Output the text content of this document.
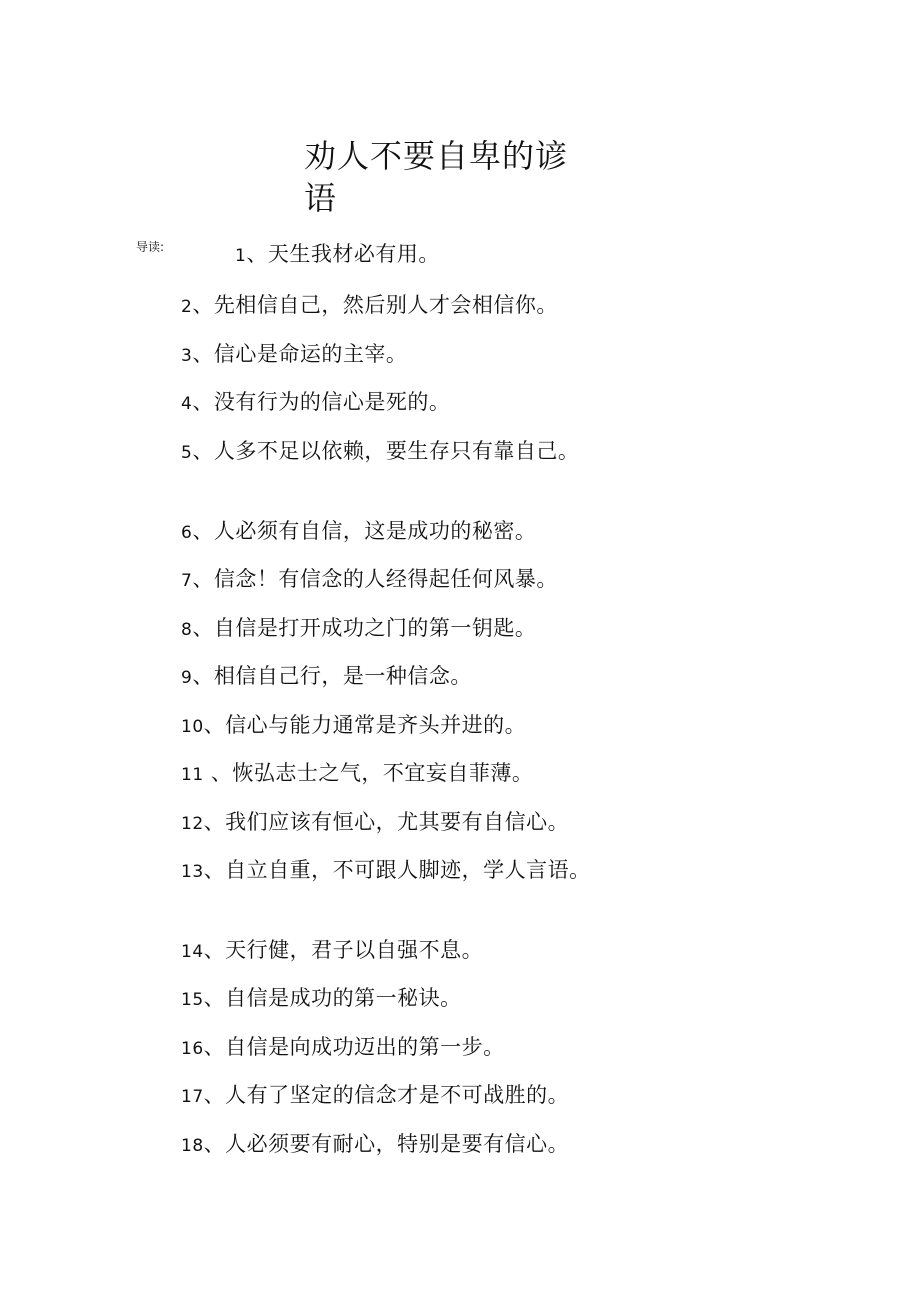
劝人不要自卑的谚语
导读:	1、天生我材必有用。
2、先相信自己，然后别人才会相信你。
3、信心是命运的主宰。
4、没有行为的信心是死的。
5、人多不足以依赖，要生存只有靠自己。
6、人必须有自信，这是成功的秘密。
7、信念！有信念的人经得起任何风暴。
8、自信是打开成功之门的第一钥匙。
9、相信自己行，是一种信念。
10、信心与能力通常是齐头并进的。
11 、恢弘志士之气，不宜妄自菲薄。
12、我们应该有恒心，尤其要有自信心。
13、自立自重，不可跟人脚迹，学人言语。
14、天行健，君子以自强不息。
15、自信是成功的第一秘诀。
16、自信是向成功迈出的第一步。
17、人有了坚定的信念才是不可战胜的。
18、人必须要有耐心，特别是要有信心。
